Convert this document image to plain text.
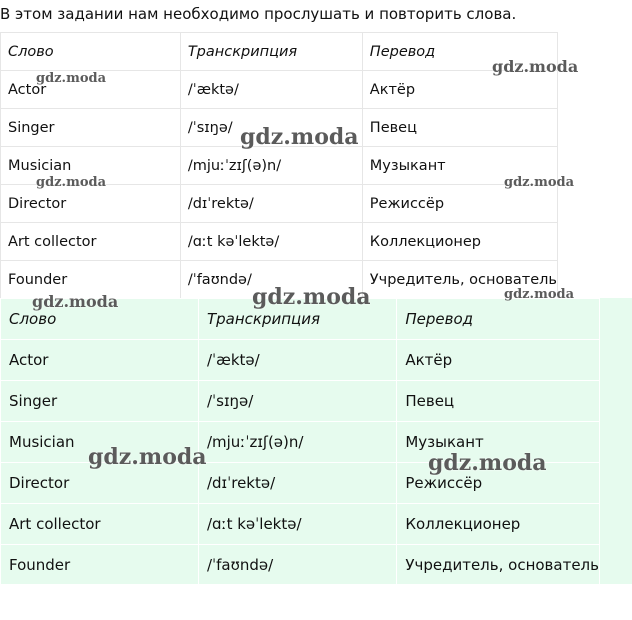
В этом задании нам необходимо прослушать и повторить слова.
Слово	Транскрипция	Перевод
Actor	/ˈæktə/	Актёр
Singer	/ˈsɪŋə/	Певец
Musician	/mjuːˈzɪʃ(ə)n/	Музыкант
Director	/dɪˈrektə/	Режиссёр
Art collector	/ɑːt kəˈlektə/	Коллекционер
Founder	/ˈfaʊndə/	Учредитель, основатель
Слово	Транскрипция	Перевод
Actor	/ˈæktə/	Актёр
Singer	/ˈsɪŋə/	Певец
Musician	/mjuːˈzɪʃ(ə)n/	Музыкант
Director	/dɪˈrektə/	Режиссёр
Art collector	/ɑːt kəˈlektə/	Коллекционер
Founder	/ˈfaʊndə/	Учредитель, основатель
gdz.moda
gdz.moda
gdz.moda
gdz.moda	gdz.moda
gdz.moda	gdz.moda	gdz.moda
gdz.moda	gdz.moda
